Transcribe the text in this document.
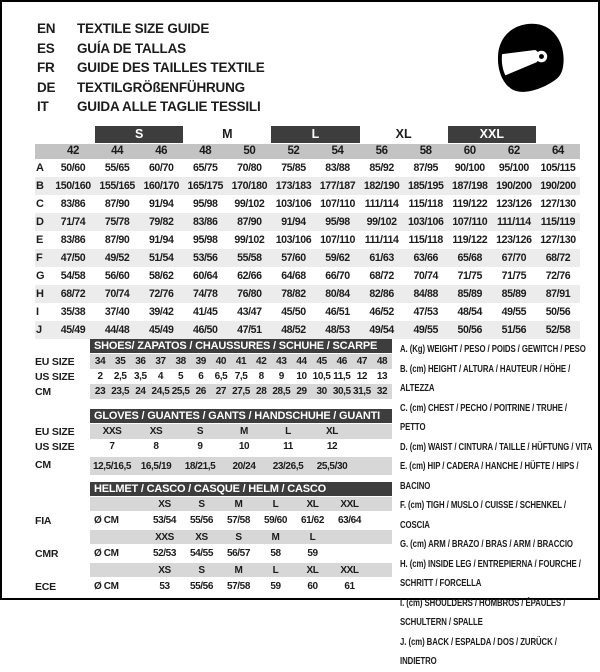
EN	TEXTILE SIZE GUIDE
ES	GUÍA DE TALLAS
FR	GUIDE DES TAILLES TEXTILE
DE	TEXTILGRÖßENFÜHRUNG
IT	GUIDA ALLE TAGLIE TESSILI
S	M	L	XL	XXL
42	44	46	48	50	52	54	56	58	60	62	64
A	50/60	55/65	60/70	65/75	70/80	75/85	83/88	85/92	87/95	90/100	95/100	105/115
B	150/160 155/165 160/170 165/175 170/180 173/183 177/187 182/190 185/195 187/198 190/200 190/200
C	83/86	87/90	91/94	95/98	99/102	103/106 107/110 111/114 115/118 119/122 123/126 127/130
D	71/74	75/78	79/82	83/86	87/90	91/94	95/98	99/102	103/106 107/110 111/114 115/119
E	83/86	87/90	91/94	95/98	99/102	103/106 107/110 111/114 115/118 119/122 123/126 127/130
F	47/50	49/52	51/54	53/56	55/58	57/60	59/62	61/63	63/66	65/68	67/70	68/72
G	54/58	56/60	58/62	60/64	62/66	64/68	66/70	68/72	70/74	71/75	71/75	72/76
H	68/72	70/74	72/76	74/78	76/80	78/82	80/84	82/86	84/88	85/89	85/89	87/91
I	35/38	37/40	39/42	41/45	43/47	45/50	46/51	46/52	47/53	48/54	49/55	50/56
J	45/49	44/48	45/49	46/50	47/51	48/52	48/53	49/54	49/55	50/56	51/56	52/58
SHOES/ ZAPATOS / CHAUSSURES / SCHUHE / SCARPE
EU SIZE	34 35 36 37 38 39 40 41 42 43 44 45 46 47 48
US SIZE	2	2,5 3,5	4	5	6	6,5 7,5	8	9	10 10,5 11,5 12 13
CM	23 23,5 24 24,5 25,5 26 27 27,5 28 28,5 29 30 30,5 31,5 32
GLOVES / GUANTES / GANTS / HANDSCHUHE / GUANTI
EU SIZE	XXS	XS	S	M	L	XL
US SIZE	7	8	9	10	11	12
CM	12,5/16,5 16,5/19	18/21,5	20/24	23/26,5	25,5/30
HELMET / CASCO / CASQUE / HELM / CASCO
XS	S	M	L	XL	XXL
FIA	Ø CM	53/54	55/56	57/58	59/60	61/62	63/64
XXS	XS	S	M	L
CMR	Ø CM	52/53	54/55	56/57	58	59
XS	S	M	L	XL	XXL
ECE	Ø CM	53	55/56	57/58	59	60	61
A. (Kg) WEIGHT / PESO / POIDS / GEWITCH / PESO
B. (cm) HEIGHT / ALTURA / HAUTEUR / HÖHE / ALTEZZA
C. (cm) CHEST / PECHO / POITRINE / TRUHE / PETTO
D. (cm) WAIST / CINTURA / TAILLE / HÜFTUNG / VITA
E. (cm) HIP / CADERA / HANCHE / HÜFTE / HIPS / BACINO
F. (cm) TIGH / MUSLO / CUISSE / SCHENKEL / COSCIA
G. (cm) ARM / BRAZO / BRAS / ARM / BRACCIO
H. (cm) INSIDE LEG / ENTREPIERNA / FOURCHE / SCHRITT / FORCELLA
I. (cm) SHOULDERS / HOMBROS / ÉPAULES / SCHULTERN / SPALLE
J. (cm) BACK / ESPALDA / DOS / ZURÜCK / INDIETRO
